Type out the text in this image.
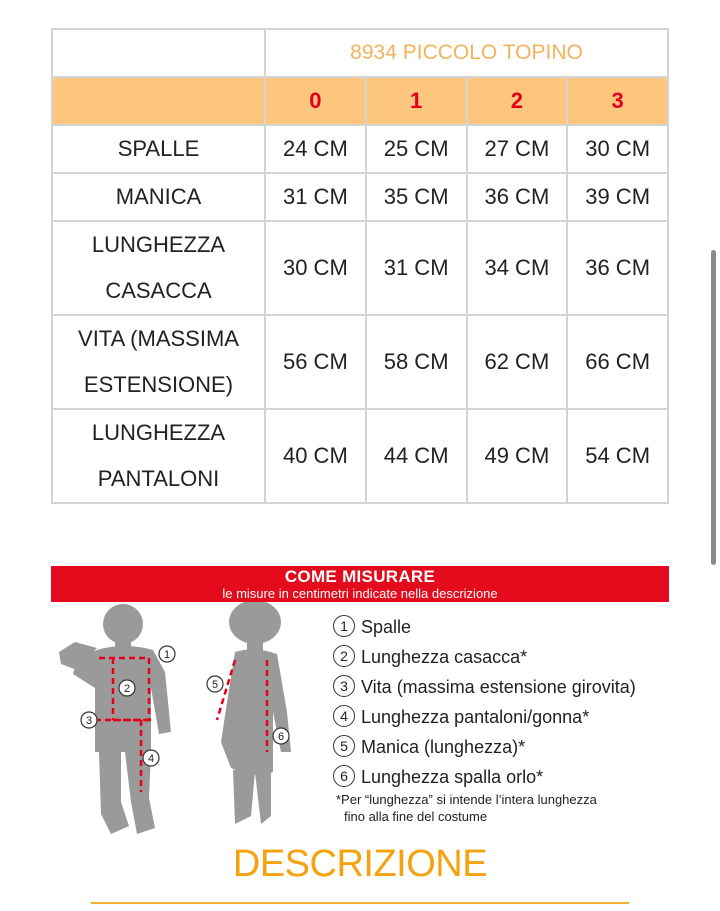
	8934 PICCOLO TOPINO			
	0	1	2	3

SPALLE	24 CM	25 CM	27 CM	30 CM

MANICA	31 CM	35 CM	36 CM	39 CM

LUNGHEZZA
CASACCA	30 CM	31 CM	34 CM	36 CM

VITA (MASSIMA
ESTENSIONE)	56 CM	58 CM	62 CM	66 CM

LUNGHEZZA
PANTALONI	40 CM	44 CM	49 CM	54 CM
COME MISURARE
le misure in centimetri indicate nella descrizione
1
2
3
4
5
6
1 Spalle
2 Lunghezza casacca*
3 Vita (massima estensione girovita)
4 Lunghezza pantaloni/gonna*
5 Manica (lunghezza)*
6 Lunghezza spalla orlo*
*Per “lunghezza” si intende l’intera lunghezza
fino alla fine del costume
DESCRIZIONE
